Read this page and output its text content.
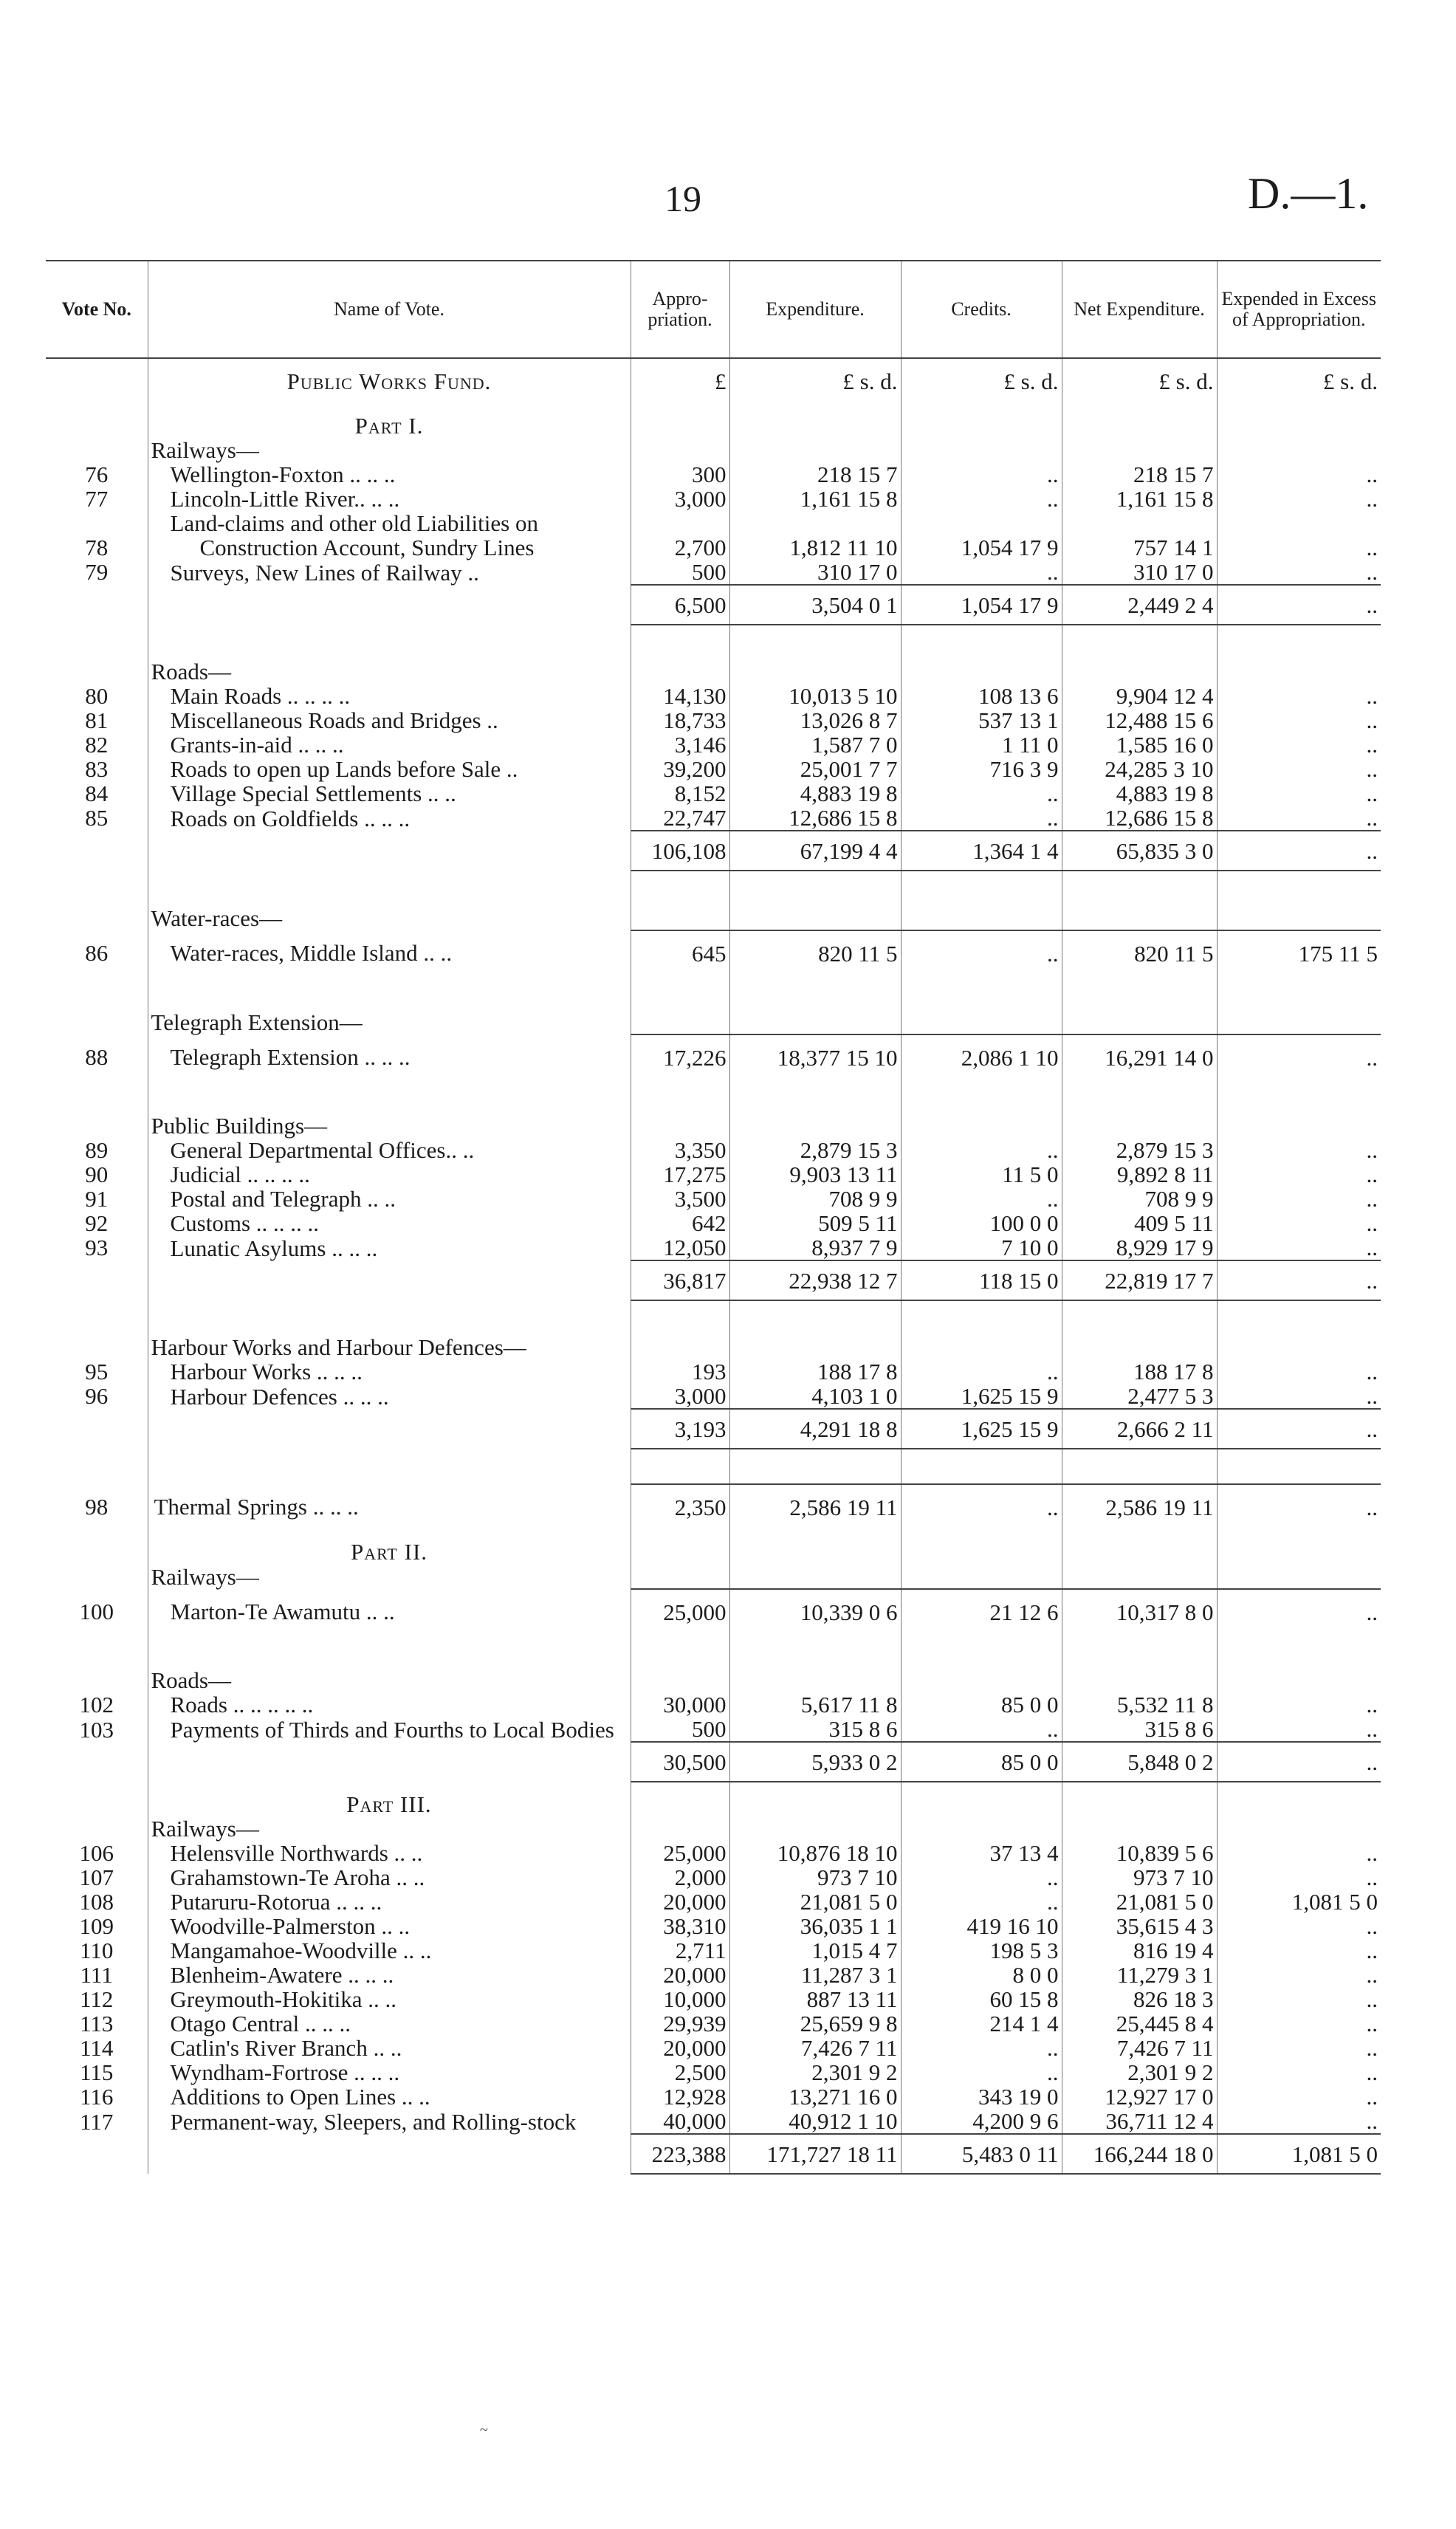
19	D.—1.
Vote No.	Name of Vote.	Appro-priation.	Expenditure.	Credits.	Net Expenditure.	Expended in Excess of Appropriation.
	Public Works Fund.	£	£ s. d.	£ s. d.	£ s. d.	£ s. d.
	Part I.					
	Railways—					
76	Wellington-Foxton .. .. ..	300	218 15 7	..	218 15 7	..
77	Lincoln-Little River.. .. ..	3,000	1,161 15 8	..	1,161 15 8	..
78	Land-claims and other old Liabilities on Construction Account, Sundry Lines	2,700	1,812 11 10	1,054 17 9	757 14 1	..
79	Surveys, New Lines of Railway ..	500	310 17 0	..	310 17 0	..
		6,500	3,504 0 1	1,054 17 9	2,449 2 4	..

	Roads—					
80	Main Roads .. .. .. ..	14,130	10,013 5 10	108 13 6	9,904 12 4	..
81	Miscellaneous Roads and Bridges ..	18,733	13,026 8 7	537 13 1	12,488 15 6	..
82	Grants-in-aid .. .. ..	3,146	1,587 7 0	1 11 0	1,585 16 0	..
83	Roads to open up Lands before Sale ..	39,200	25,001 7 7	716 3 9	24,285 3 10	..
84	Village Special Settlements .. ..	8,152	4,883 19 8	..	4,883 19 8	..
85	Roads on Goldfields .. .. ..	22,747	12,686 15 8	..	12,686 15 8	..
		106,108	67,199 4 4	1,364 1 4	65,835 3 0	..

	Water-races—					
86	Water-races, Middle Island .. ..	645	820 11 5	..	820 11 5	175 11 5

	Telegraph Extension—					
88	Telegraph Extension .. .. ..	17,226	18,377 15 10	2,086 1 10	16,291 14 0	..

	Public Buildings—					
89	General Departmental Offices.. ..	3,350	2,879 15 3	..	2,879 15 3	..
90	Judicial .. .. .. ..	17,275	9,903 13 11	11 5 0	9,892 8 11	..
91	Postal and Telegraph .. ..	3,500	708 9 9	..	708 9 9	..
92	Customs .. .. .. ..	642	509 5 11	100 0 0	409 5 11	..
93	Lunatic Asylums .. .. ..	12,050	8,937 7 9	7 10 0	8,929 17 9	..
		36,817	22,938 12 7	118 15 0	22,819 17 7	..

	Harbour Works and Harbour Defences—					
95	Harbour Works .. .. ..	193	188 17 8	..	188 17 8	..
96	Harbour Defences .. .. ..	3,000	4,103 1 0	1,625 15 9	2,477 5 3	..
		3,193	4,291 18 8	1,625 15 9	2,666 2 11	..

98	Thermal Springs .. .. ..	2,350	2,586 19 11	..	2,586 19 11	..
	Part II.					
	Railways—					
100	Marton-Te Awamutu .. ..	25,000	10,339 0 6	21 12 6	10,317 8 0	..

	Roads—					
102	Roads .. .. .. .. ..	30,000	5,617 11 8	85 0 0	5,532 11 8	..
103	Payments of Thirds and Fourths to Local Bodies	500	315 8 6	..	315 8 6	..
		30,500	5,933 0 2	85 0 0	5,848 0 2	..
	Part III.					
	Railways—					
106	Helensville Northwards .. ..	25,000	10,876 18 10	37 13 4	10,839 5 6	..
107	Grahamstown-Te Aroha .. ..	2,000	973 7 10	..	973 7 10	..
108	Putaruru-Rotorua .. .. ..	20,000	21,081 5 0	..	21,081 5 0	1,081 5 0
109	Woodville-Palmerston .. ..	38,310	36,035 1 1	419 16 10	35,615 4 3	..
110	Mangamahoe-Woodville .. ..	2,711	1,015 4 7	198 5 3	816 19 4	..
111	Blenheim-Awatere .. .. ..	20,000	11,287 3 1	8 0 0	11,279 3 1	..
112	Greymouth-Hokitika .. ..	10,000	887 13 11	60 15 8	826 18 3	..
113	Otago Central .. .. ..	29,939	25,659 9 8	214 1 4	25,445 8 4	..
114	Catlin's River Branch .. ..	20,000	7,426 7 11	..	7,426 7 11	..
115	Wyndham-Fortrose .. .. ..	2,500	2,301 9 2	..	2,301 9 2	..
116	Additions to Open Lines .. ..	12,928	13,271 16 0	343 19 0	12,927 17 0	..
117	Permanent-way, Sleepers, and Rolling-stock	40,000	40,912 1 10	4,200 9 6	36,711 12 4	..
		223,388	171,727 18 11	5,483 0 11	166,244 18 0	1,081 5 0
~
